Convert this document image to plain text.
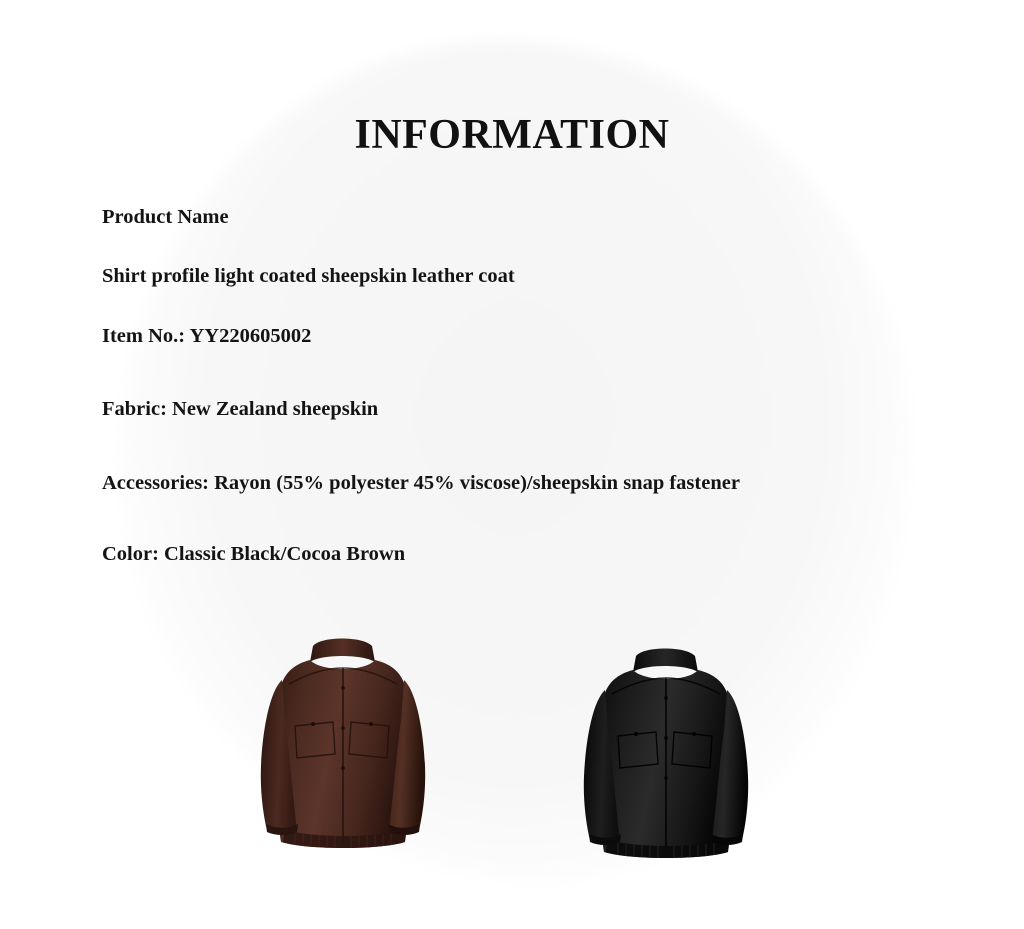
INFORMATION
Product Name
Shirt profile light coated sheepskin leather coat
Item No.: YY220605002
Fabric: New Zealand sheepskin
Accessories: Rayon (55% polyester 45% viscose)/sheepskin snap fastener
Color: Classic Black/Cocoa Brown
